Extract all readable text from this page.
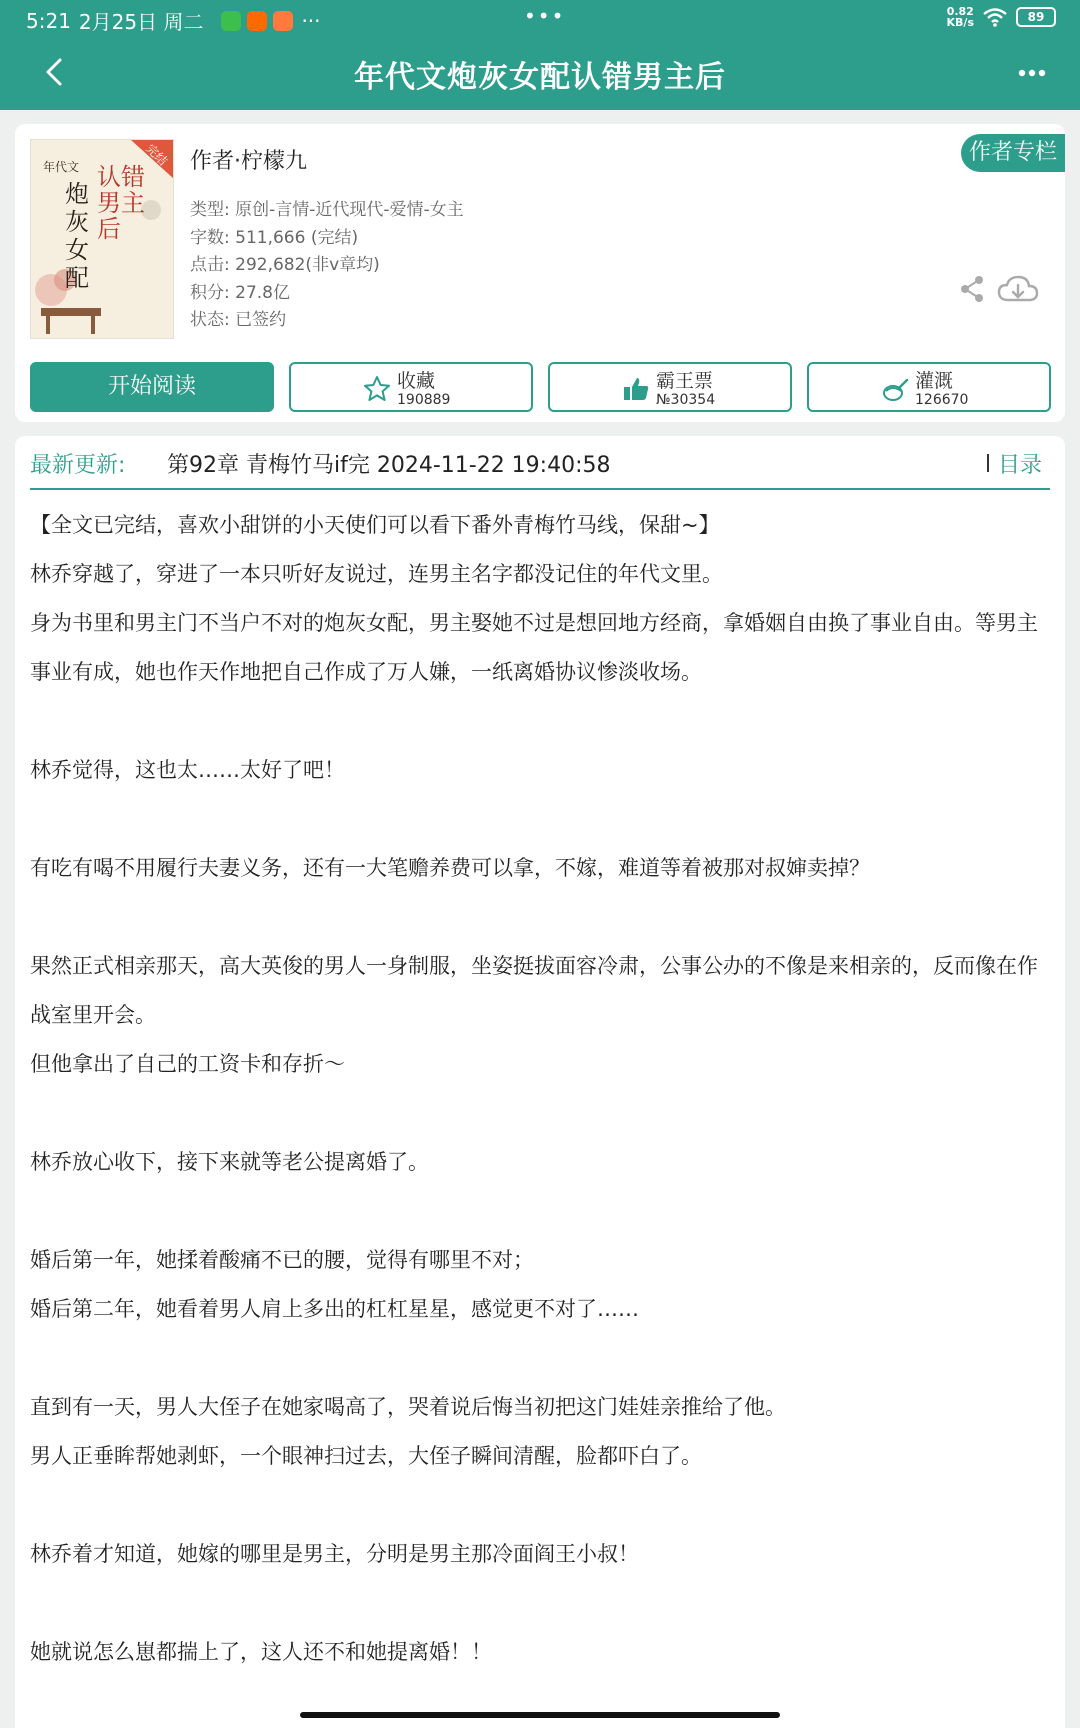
5:21 2月25日 周二	···	•••	0.82
KB/s	89
年代文炮灰女配认错男主后
年代文
炮灰女配
认错男主后
完结 作者·柠檬九
类型: 原创-言情-近代现代-爱情-女主
字数: 511,666 (完结)
点击: 292,682(非v章均)
积分: 27.8亿
状态: 已签约
作者专栏
开始阅读	收藏
190889
霸王票
№30354
灌溉
126670
最新更新: 第92章 青梅竹马if完 2024-11-22 19:40:58	目录

【全文已完结，喜欢小甜饼的小天使们可以看下番外青梅竹马线，保甜~】

林乔穿越了，穿进了一本只听好友说过，连男主名字都没记住的年代文里。

身为书里和男主门不当户不对的炮灰女配，男主娶她不过是想回地方经商，拿婚姻自由换了事业自由。等男主事业有成，她也作天作地把自己作成了万人嫌，一纸离婚协议惨淡收场。

林乔觉得，这也太……太好了吧！

有吃有喝不用履行夫妻义务，还有一大笔赡养费可以拿，不嫁，难道等着被那对叔婶卖掉？

果然正式相亲那天，高大英俊的男人一身制服，坐姿挺拔面容冷肃，公事公办的不像是来相亲的，反而像在作战室里开会。

但他拿出了自己的工资卡和存折～

林乔放心收下，接下来就等老公提离婚了。

婚后第一年，她揉着酸痛不已的腰，觉得有哪里不对；

婚后第二年，她看着男人肩上多出的杠杠星星，感觉更不对了……

直到有一天，男人大侄子在她家喝高了，哭着说后悔当初把这门娃娃亲推给了他。

男人正垂眸帮她剥虾，一个眼神扫过去，大侄子瞬间清醒，脸都吓白了。

林乔着才知道，她嫁的哪里是男主，分明是男主那冷面阎王小叔！

她就说怎么崽都揣上了，这人还不和她提离婚！！
